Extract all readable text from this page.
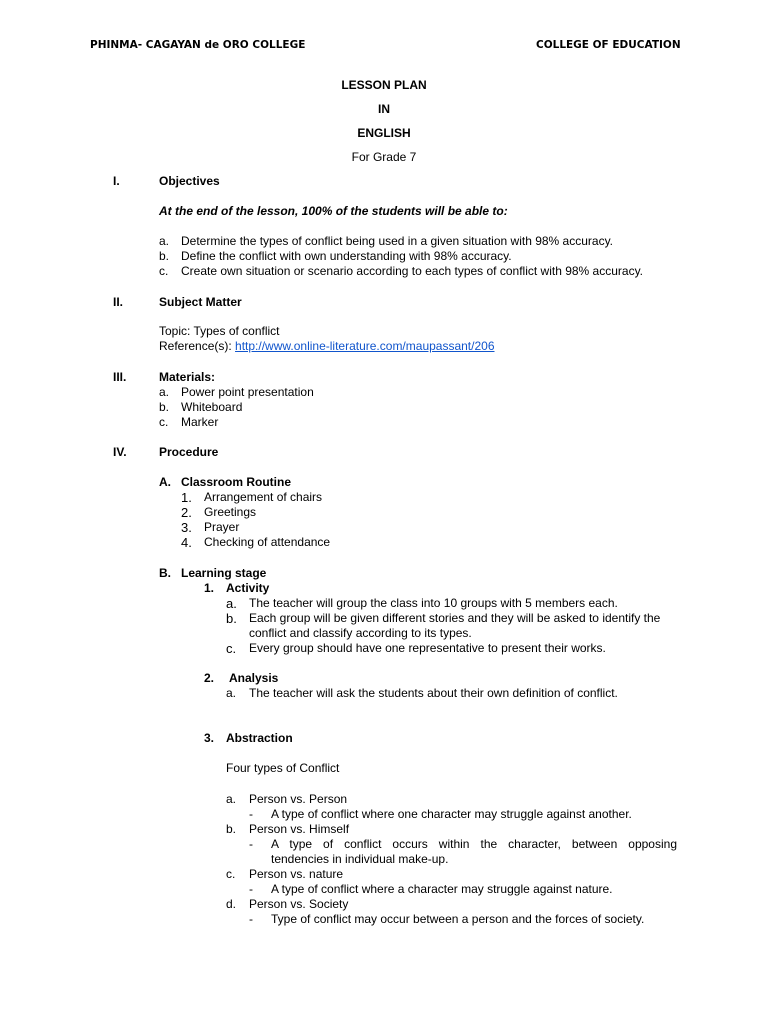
PHINMA- CAGAYAN de ORO COLLEGE	COLLEGE OF EDUCATION
LESSON PLAN
IN
ENGLISH
For Grade 7
I.	Objectives
At the end of the lesson, 100% of the students will be able to:
a. Determine the types of conflict being used in a given situation with 98% accuracy.
b. Define the conflict with own understanding with 98% accuracy.
c. Create own situation or scenario according to each types of conflict with 98% accuracy.
II.	Subject Matter
Topic: Types of conflict
Reference(s): http://www.online-literature.com/maupassant/206
III.	Materials:
a. Power point presentation
b. Whiteboard
c. Marker
IV.	Procedure
A. Classroom Routine
1. Arrangement of chairs
2. Greetings
3. Prayer
4. Checking of attendance
B. Learning stage
1. Activity
a. The teacher will group the class into 10 groups with 5 members each.
b. Each group will be given different stories and they will be asked to identify the
conflict and classify according to its types.
c. Every group should have one representative to present their works.
2. Analysis
a. The teacher will ask the students about their own definition of conflict.
3. Abstraction
Four types of Conflict
a. Person vs. Person
- A type of conflict where one character may struggle against another.
b. Person vs. Himself
- A type of conflict occurs within the character, between opposing
tendencies in individual make-up.
c. Person vs. nature
- A type of conflict where a character may struggle against nature.
d. Person vs. Society
- Type of conflict may occur between a person and the forces of society.
